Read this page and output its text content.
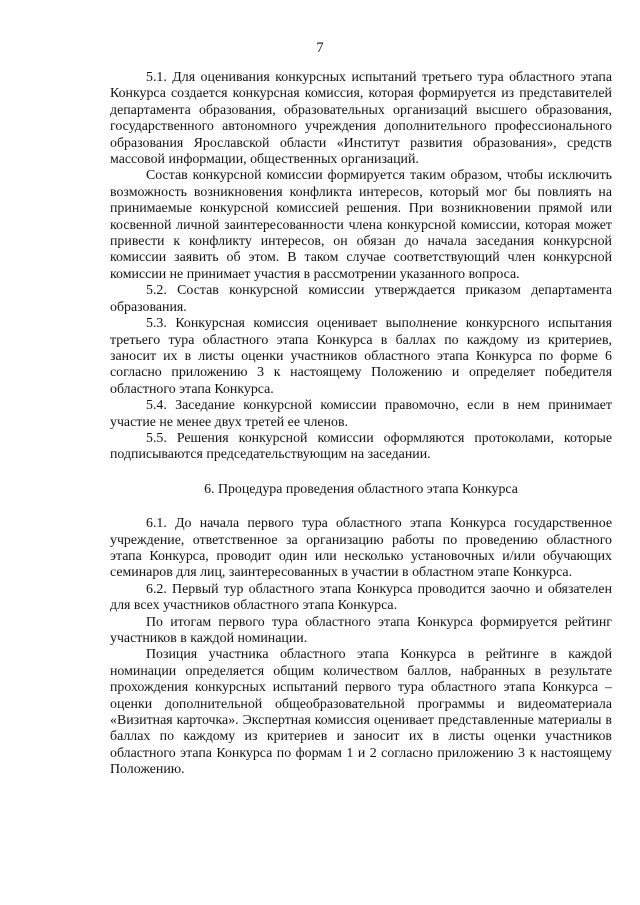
7

5.1. Для оценивания конкурсных испытаний третьего тура областного этапа Конкурса создается конкурсная комиссия, которая формируется из представителей департамента образования, образовательных организаций высшего образования, государственного автономного учреждения дополнительного профессионального образования Ярославской области «Институт развития образования», средств массовой информации, общественных организаций.

Состав конкурсной комиссии формируется таким образом, чтобы исключить возможность возникновения конфликта интересов, который мог бы повлиять на принимаемые конкурсной комиссией решения. При возникновении прямой или косвенной личной заинтересованности члена конкурсной комиссии, которая может привести к конфликту интересов, он обязан до начала заседания конкурсной комиссии заявить об этом. В таком случае соответствующий член конкурсной комиссии не принимает участия в рассмотрении указанного вопроса.

5.2. Состав конкурсной комиссии утверждается приказом департамента образования.

5.3. Конкурсная комиссия оценивает выполнение конкурсного испытания третьего тура областного этапа Конкурса в баллах по каждому из критериев, заносит их в листы оценки участников областного этапа Конкурса по форме 6 согласно приложению 3 к настоящему Положению и определяет победителя областного этапа Конкурса.

5.4. Заседание конкурсной комиссии правомочно, если в нем принимает участие не менее двух третей ее членов.

5.5. Решения конкурсной комиссии оформляются протоколами, которые подписываются председательствующим на заседании.

6. Процедура проведения областного этапа Конкурса

6.1. До начала первого тура областного этапа Конкурса государственное учреждение, ответственное за организацию работы по проведению областного этапа Конкурса, проводит один или несколько установочных и/или обучающих семинаров для лиц, заинтересованных в участии в областном этапе Конкурса.

6.2. Первый тур областного этапа Конкурса проводится заочно и обязателен для всех участников областного этапа Конкурса.

По итогам первого тура областного этапа Конкурса формируется рейтинг участников в каждой номинации.

Позиция участника областного этапа Конкурса в рейтинге в каждой номинации определяется общим количеством баллов, набранных в результате прохождения конкурсных испытаний первого тура областного этапа Конкурса – оценки дополнительной общеобразовательной программы и видеоматериала «Визитная карточка». Экспертная комиссия оценивает представленные материалы в баллах по каждому из критериев и заносит их в листы оценки участников областного этапа Конкурса по формам 1 и 2 согласно приложению 3 к настоящему Положению.
